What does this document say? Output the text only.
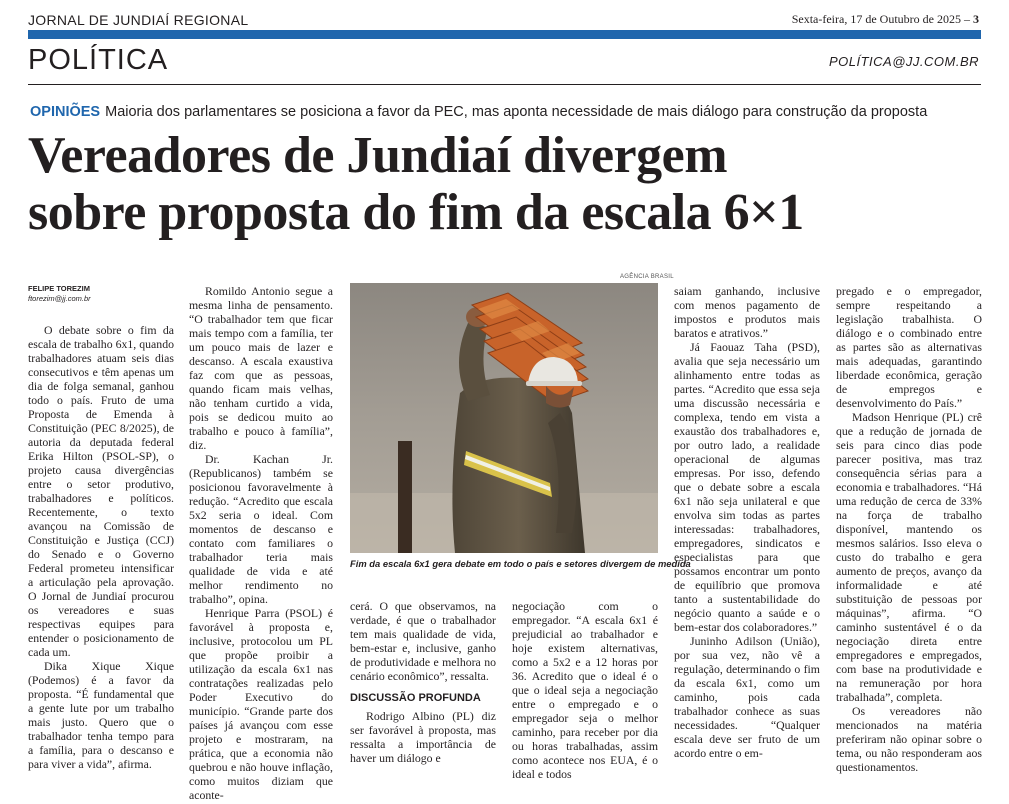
JORNAL DE JUNDIAÍ REGIONAL	Sexta-feira, 17 de Outubro de 2025 – 3
POLÍTICA	POLÍTICA@JJ.COM.BR
OPINIÕES Maioria dos parlamentares se posiciona a favor da PEC, mas aponta necessidade de mais diálogo para construção da proposta
Vereadores de Jundiaí divergem
sobre proposta do fim da escala 6×1
FELIPE TOREZIM
ftorezim@jj.com.br

O debate sobre o fim da escala de trabalho 6x1, quando trabalhadores atuam seis dias consecutivos e têm apenas um dia de folga semanal, ganhou todo o país. Fruto de uma Proposta de Emenda à Constituição (PEC 8/2025), de autoria da deputada federal Erika Hilton (PSOL-SP), o projeto causa divergências entre o setor produtivo, trabalhadores e políticos. Recentemente, o texto avançou na Comissão de Constituição e Justiça (CCJ) do Senado e o Governo Federal prometeu intensificar a articulação pela aprovação. O Jornal de Jundiaí procurou os vereadores e suas respectivas equipes para entender o posicionamento de cada um.

Dika Xique Xique (Podemos) é a favor da proposta. “É fundamental que a gente lute por um trabalho mais justo. Quero que o trabalhador tenha tempo para a família, para o descanso e para viver a vida”, afirma.

Romildo Antonio segue a mesma linha de pensamento. “O trabalhador tem que ficar mais tempo com a família, ter um pouco mais de lazer e descanso. A escala exaustiva faz com que as pessoas, quando ficam mais velhas, não tenham curtido a vida, pois se dedicou muito ao trabalho e pouco à família”, diz.

Dr. Kachan Jr. (Republicanos) também se posicionou favoravelmente à redução. “Acredito que escala 5x2 seria o ideal. Com momentos de descanso e contato com familiares o trabalhador teria mais qualidade de vida e até melhor rendimento no trabalho”, opina.

Henrique Parra (PSOL) é favorável à proposta e, inclusive, protocolou um PL que propõe proibir a utilização da escala 6x1 nas contratações realizadas pelo Poder Executivo do município. “Grande parte dos países já avançou com esse projeto e mostraram, na prática, que a economia não quebrou e não houve inflação, como muitos diziam que aconte-

AGÊNCIA BRASIL
Fim da escala 6x1 gera debate em todo o país e setores divergem de medida

cerá. O que observamos, na verdade, é que o trabalhador tem mais qualidade de vida, bem-estar e, inclusive, ganho de produtividade e melhora no cenário econômico”, ressalta.

DISCUSSÃO PROFUNDA

Rodrigo Albino (PL) diz ser favorável à proposta, mas ressalta a importância de haver um diálogo e

negociação com o empregador. “A escala 6x1 é prejudicial ao trabalhador e hoje existem alternativas, como a 5x2 e a 12 horas por 36. Acredito que o ideal é o que o ideal seja a negociação entre o empregado e o empregador seja o melhor caminho, para receber por dia ou horas trabalhadas, assim como acontece nos EUA, é o ideal e todos

saiam ganhando, inclusive com menos pagamento de impostos e produtos mais baratos e atrativos.”

Já Faouaz Taha (PSD), avalia que seja necessário um alinhamento entre todas as partes. “Acredito que essa seja uma discussão necessária e complexa, tendo em vista a exaustão dos trabalhadores e, por outro lado, a realidade operacional de algumas empresas. Por isso, defendo que o debate sobre a escala 6x1 não seja unilateral e que envolva sim todas as partes interessadas: trabalhadores, empregadores, sindicatos e especialistas para que possamos encontrar um ponto de equilíbrio que promova tanto a sustentabilidade do negócio quanto a saúde e o bem-estar dos colaboradores.”

Juninho Adilson (União), por sua vez, não vê a regulação, determinando o fim da escala 6x1, como um caminho, pois cada trabalhador conhece as suas necessidades. “Qualquer escala deve ser fruto de um acordo entre o em-

pregado e o empregador, sempre respeitando a legislação trabalhista. O diálogo e o combinado entre as partes são as alternativas mais adequadas, garantindo liberdade econômica, geração de empregos e desenvolvimento do País.”

Madson Henrique (PL) crê que a redução de jornada de seis para cinco dias pode parecer positiva, mas traz consequência sérias para a economia e trabalhadores. “Há uma redução de cerca de 33% na força de trabalho disponível, mantendo os mesmos salários. Isso eleva o custo do trabalho e gera aumento de preços, avanço da informalidade e até substituição de pessoas por máquinas”, afirma. “O caminho sustentável é o da negociação direta entre empregadores e empregados, com base na produtividade e na remuneração por hora trabalhada”, completa.

Os vereadores não mencionados na matéria preferiram não opinar sobre o tema, ou não responderam aos questionamentos.
